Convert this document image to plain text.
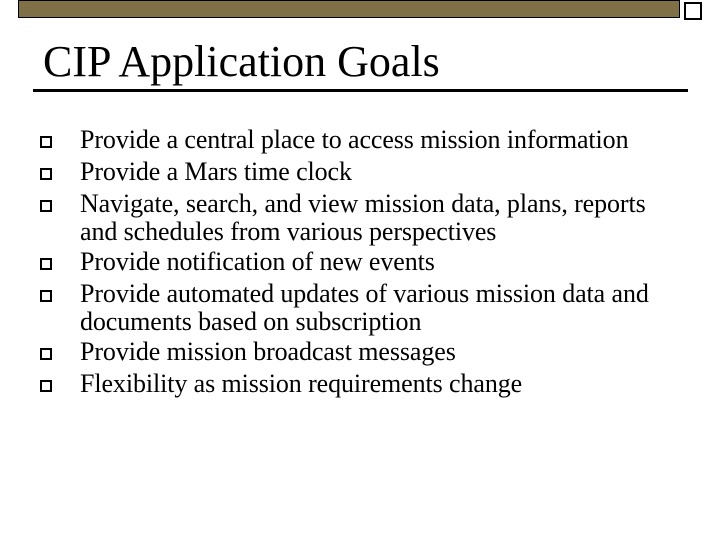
CIP Application Goals
Provide a central place to access mission information
Provide a Mars time clock
Navigate, search, and view mission data, plans, reports
and schedules from various perspectives
Provide notification of new events
Provide automated updates of various mission data and
documents based on subscription
Provide mission broadcast messages
Flexibility as mission requirements change
